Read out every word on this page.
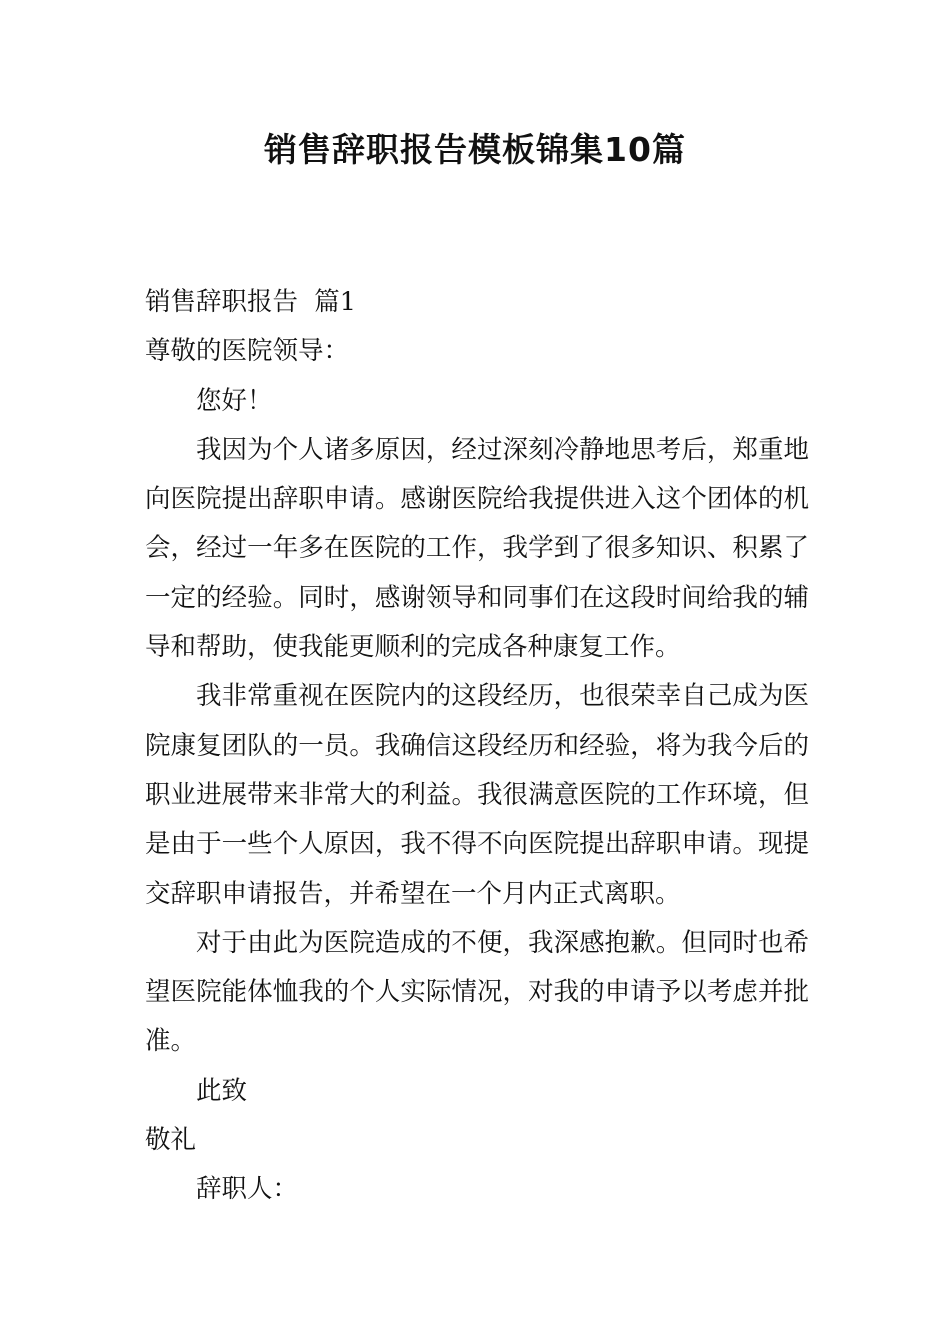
销售辞职报告模板锦集10篇

销售辞职报告  篇1

尊敬的医院领导：

您好！

我因为个人诸多原因，经过深刻冷静地思考后，郑重地向医院提出辞职申请。感谢医院给我提供进入这个团体的机会，经过一年多在医院的工作，我学到了很多知识、积累了一定的经验。同时，感谢领导和同事们在这段时间给我的辅导和帮助，使我能更顺利的完成各种康复工作。

我非常重视在医院内的这段经历，也很荣幸自己成为医院康复团队的一员。我确信这段经历和经验，将为我今后的职业进展带来非常大的利益。我很满意医院的工作环境，但是由于一些个人原因，我不得不向医院提出辞职申请。现提交辞职申请报告，并希望在一个月内正式离职。

对于由此为医院造成的不便，我深感抱歉。但同时也希望医院能体恤我的个人实际情况，对我的申请予以考虑并批准。

此致

敬礼

辞职人：
